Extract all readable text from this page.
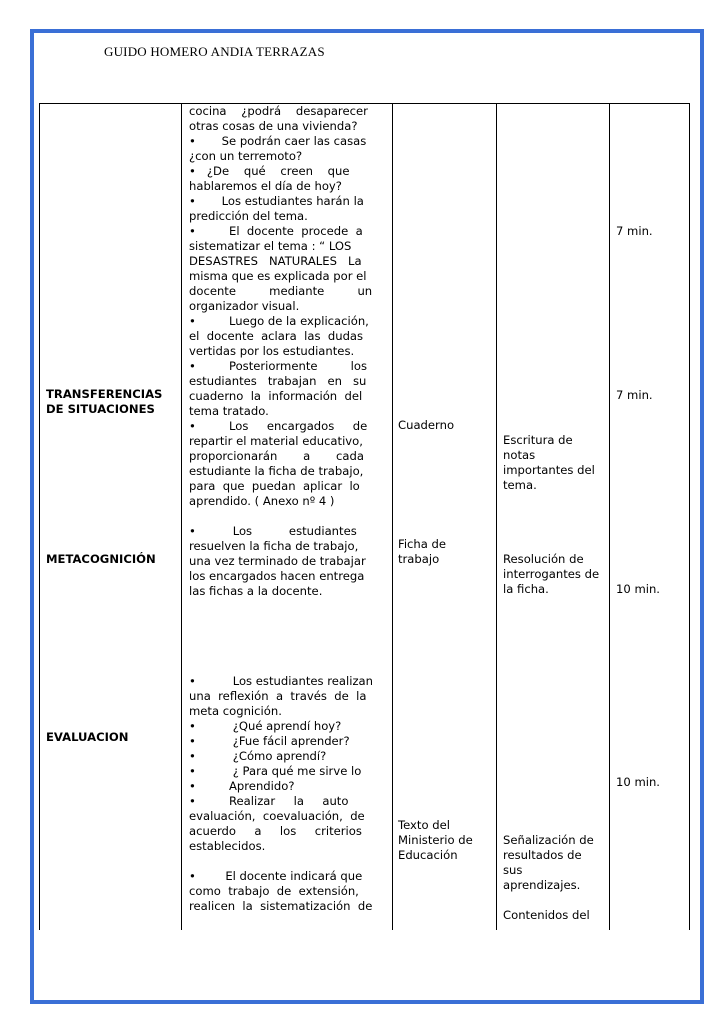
GUIDO HOMERO ANDIA TERRAZAS
TRANSFERENCIAS
DE SITUACIONES
METACOGNICIÓN
EVALUACION
cocina    ¿podrá    desaparecer
otras cosas de una vivienda?
•       Se podrán caer las casas
¿con un terremoto?
•   ¿De    qué    creen    que
hablaremos el día de hoy?
•       Los estudiantes harán la
predicción del tema.
•         El  docente  procede  a
sistematizar el tema : “ LOS
DESASTRES   NATURALES   La
misma que es explicada por el
docente         mediante         un
organizador visual.
•         Luego de la explicación,
el  docente  aclara  las  dudas
vertidas por los estudiantes.
•         Posteriormente         los
estudiantes   trabajan   en   su
cuaderno  la  información  del
tema tratado.
•         Los     encargados     de
repartir el material educativo,
proporcionarán       a       cada
estudiante la ficha de trabajo,
para  que  puedan  aplicar  lo
aprendido. ( Anexo nº 4 )
•          Los          estudiantes
resuelven la ficha de trabajo,
una vez terminado de trabajar
los encargados hacen entrega
las fichas a la docente.
•          Los estudiantes realizan
una  reflexión  a  través  de  la
meta cognición.
•          ¿Qué aprendí hoy?
•          ¿Fue fácil aprender?
•          ¿Cómo aprendí?
•          ¿ Para qué me sirve lo
•         Aprendido?
•         Realizar     la     auto
evaluación,  coevaluación,  de
acuerdo     a     los     criterios
establecidos.
•        El docente indicará que
como  trabajo  de  extensión,
realicen  la  sistematización  de
Cuaderno
Ficha de
trabajo
Texto del
Ministerio de
Educación
Escritura de
notas
importantes del
tema.
Resolución de
interrogantes de
la ficha.
Señalización de
resultados de
sus
aprendizajes.
Contenidos del
7 min.
7 min.
10 min.
10 min.
